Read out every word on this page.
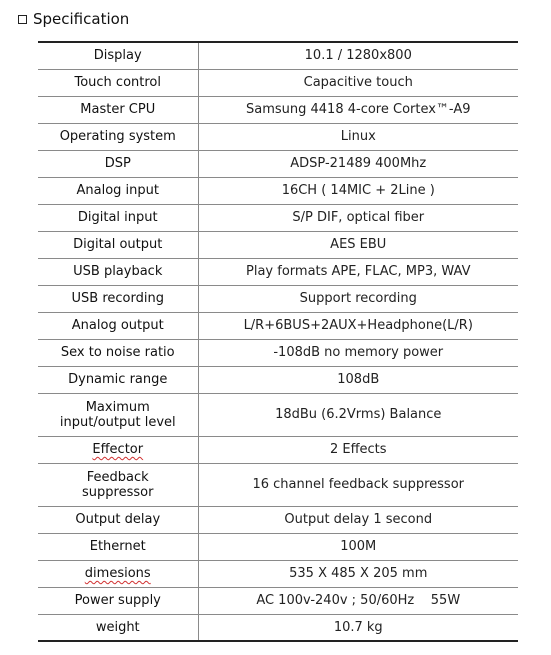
Specification
Display	10.1 / 1280x800
Touch control	Capacitive touch
Master CPU	Samsung 4418 4-core Cortex™-A9
Operating system	Linux
DSP	ADSP-21489 400Mhz
Analog input	16CH ( 14MIC + 2Line )
Digital input	S/P DIF, optical fiber
Digital output	AES EBU
USB playback	Play formats APE, FLAC, MP3, WAV
USB recording	Support recording
Analog output	L/R+6BUS+2AUX+Headphone(L/R)
Sex to noise ratio	-108dB no memory power
Dynamic range	108dB
Maximum
input/output level	18dBu (6.2Vrms) Balance
Effector	2 Effects
Feedback
suppressor	16 channel feedback suppressor
Output delay	Output delay 1 second
Ethernet	100M
dimesions	535 X 485 X 205 mm
Power supply	AC 100v-240v ; 50/60Hz    55W
weight	10.7 kg
